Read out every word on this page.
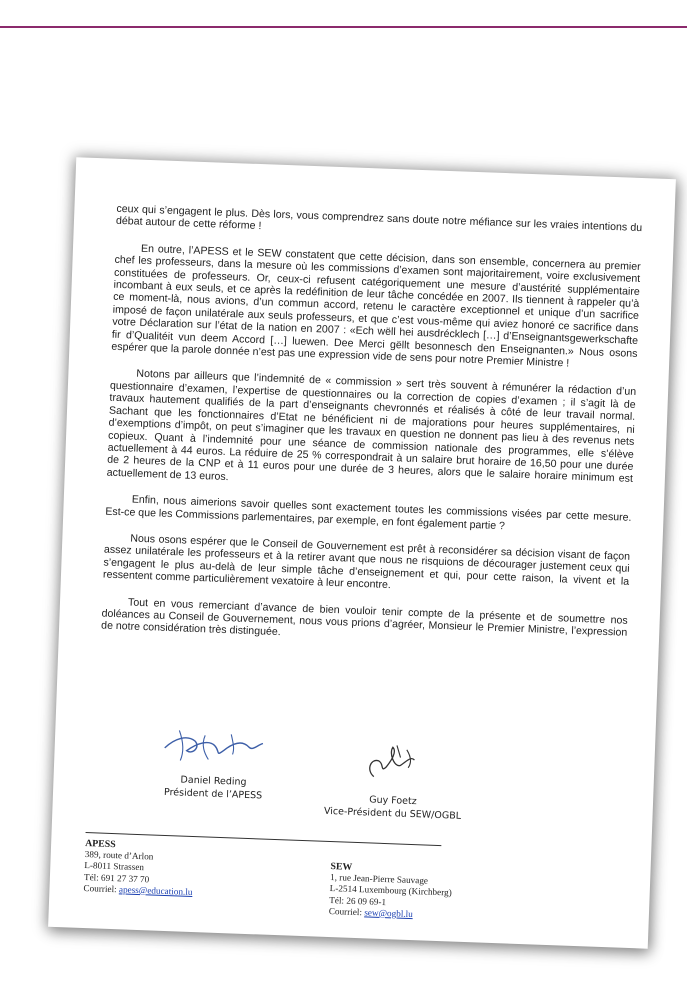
ceux qui s’engagent le plus. Dès lors, vous comprendrez sans doute notre méfiance sur les vraies intentions du débat autour de cette réforme !

En outre, l’APESS et le SEW constatent que cette décision, dans son ensemble, concernera au premier chef les professeurs, dans la mesure où les commissions d’examen sont majoritairement, voire exclusivement constituées de professeurs. Or, ceux-ci refusent catégoriquement une mesure d’austérité supplémentaire incombant à eux seuls, et ce après la redéfinition de leur tâche concédée en 2007. Ils tiennent à rappeler qu’à ce moment-là, nous avions, d’un commun accord, retenu le caractère exceptionnel et unique d’un sacrifice imposé de façon unilatérale aux seuls professeurs, et que c’est vous-même qui aviez honoré ce sacrifice dans votre Déclaration sur l’état de la nation en 2007 : «Ech wëll hei ausdrécklech […] d’Enseignantsgewerkschafte fir d’Qualitéit vun deem Accord […] luewen. Dee Merci gëllt besonnesch den Enseignanten.» Nous osons espérer que la parole donnée n’est pas une expression vide de sens pour notre Premier Ministre !

Notons par ailleurs que l’indemnité de « commission » sert très souvent à rémunérer la rédaction d’un questionnaire d’examen, l’expertise de questionnaires ou la correction de copies d’examen ; il s’agit là de travaux hautement qualifiés de la part d’enseignants chevronnés et réalisés à côté de leur travail normal. Sachant que les fonctionnaires d’Etat ne bénéficient ni de majorations pour heures supplémentaires, ni d’exemptions d’impôt, on peut s’imaginer que les travaux en question ne donnent pas lieu à des revenus nets copieux. Quant à l’indemnité pour une séance de commission nationale des programmes, elle s’élève actuellement à 44 euros. La réduire de 25 % correspondrait à un salaire brut horaire de 16,50 pour une durée de 2 heures de la CNP et à 11 euros pour une durée de 3 heures, alors que le salaire horaire minimum est actuellement de 13 euros.

Enfin, nous aimerions savoir quelles sont exactement toutes les commissions visées par cette mesure. Est-ce que les Commissions parlementaires, par exemple, en font également partie ?

Nous osons espérer que le Conseil de Gouvernement est prêt à reconsidérer sa décision visant de façon assez unilatérale les professeurs et à la retirer avant que nous ne risquions de décourager justement ceux qui s’engagent le plus au-delà de leur simple tâche d’enseignement et qui, pour cette raison, la vivent et la ressentent comme particulièrement vexatoire à leur encontre.

Tout en vous remerciant d’avance de bien vouloir tenir compte de la présente et de soumettre nos doléances au Conseil de Gouvernement, nous vous prions d’agréer, Monsieur le Premier Ministre, l’expression de notre considération très distinguée.

Daniel Reding
Président de l’APESS	Guy Foetz
Vice-Président du SEW/OGBL
APESS
389, route d’Arlon
L-8011 Strassen
Tél: 691 27 37 70
Courriel: apess@education.lu
SEW
1, rue Jean-Pierre Sauvage
L-2514 Luxembourg (Kirchberg)
Tél: 26 09 69-1
Courriel: sew@ogbl.lu
